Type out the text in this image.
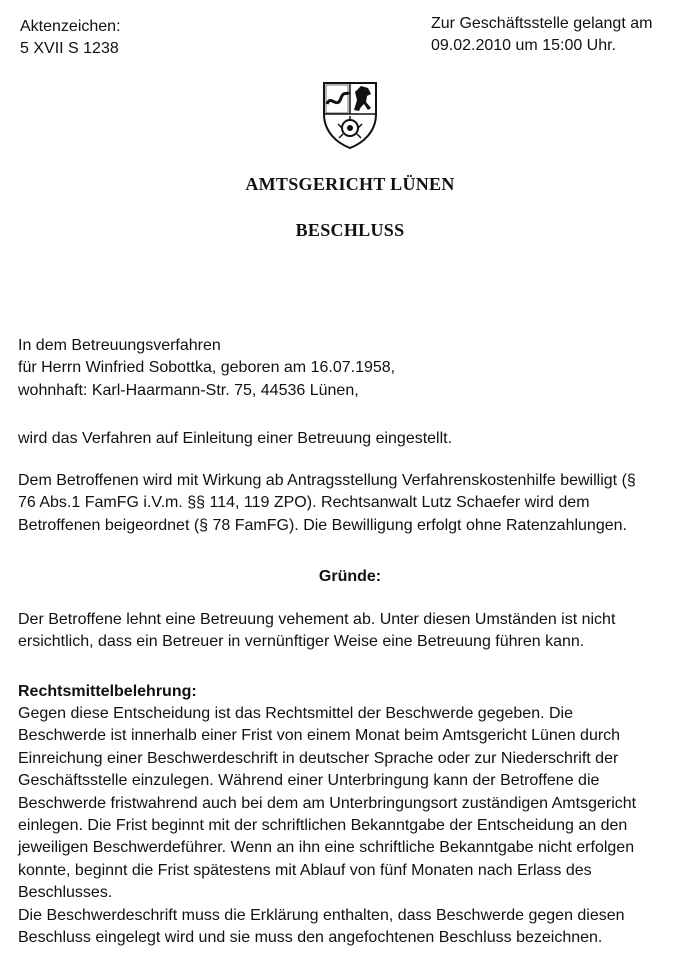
Aktenzeichen:
5 XVII S 1238
Zur Geschäftsstelle gelangt am
09.02.2010 um 15:00 Uhr.
AMTSGERICHT LÜNEN
BESCHLUSS
In dem Betreuungsverfahren
für Herrn Winfried Sobottka, geboren am 16.07.1958,
wohnhaft: Karl-Haarmann-Str. 75, 44536 Lünen,
wird das Verfahren auf Einleitung einer Betreuung eingestellt.
Dem Betroffenen wird mit Wirkung ab Antragsstellung Verfahrenskostenhilfe bewilligt (§
76 Abs.1 FamFG i.V.m. §§ 114, 119 ZPO). Rechtsanwalt Lutz Schaefer wird dem
Betroffenen beigeordnet (§ 78 FamFG). Die Bewilligung erfolgt ohne Ratenzahlungen.
Gründe:
Der Betroffene lehnt eine Betreuung vehement ab. Unter diesen Umständen ist nicht
ersichtlich, dass ein Betreuer in vernünftiger Weise eine Betreuung führen kann.
Rechtsmittelbelehrung:
Gegen diese Entscheidung ist das Rechtsmittel der Beschwerde gegeben. Die
Beschwerde ist innerhalb einer Frist von einem Monat beim Amtsgericht Lünen durch
Einreichung einer Beschwerdeschrift in deutscher Sprache oder zur Niederschrift der
Geschäftsstelle einzulegen. Während einer Unterbringung kann der Betroffene die
Beschwerde fristwahrend auch bei dem am Unterbringungsort zuständigen Amtsgericht
einlegen. Die Frist beginnt mit der schriftlichen Bekanntgabe der Entscheidung an den
jeweiligen Beschwerdeführer. Wenn an ihn eine schriftliche Bekanntgabe nicht erfolgen
konnte, beginnt die Frist spätestens mit Ablauf von fünf Monaten nach Erlass des
Beschlusses.
Die Beschwerdeschrift muss die Erklärung enthalten, dass Beschwerde gegen diesen
Beschluss eingelegt wird und sie muss den angefochtenen Beschluss bezeichnen.
